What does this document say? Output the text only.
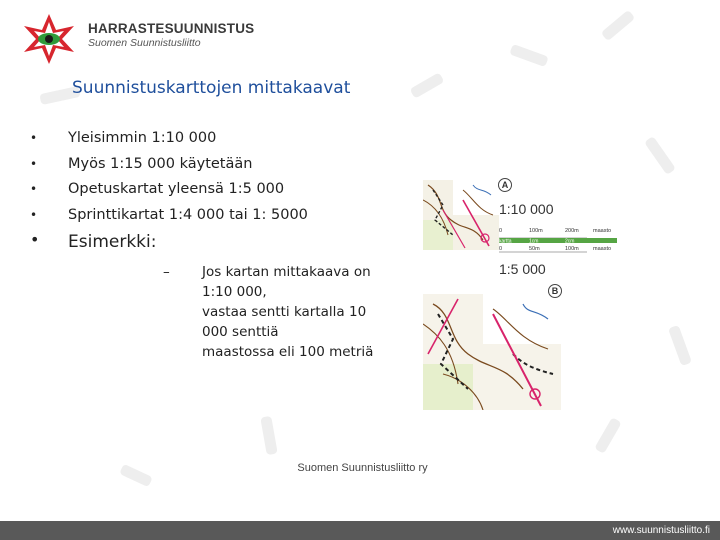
HARRASTESUUNNISTUS
Suomen Suunnistusliitto
Suunnistuskarttojen mittakaavat
• Yleisimmin 1:10 000
• Myös 1:15 000 käytetään
• Opetuskartat yleensä 1:5 000
• Sprinttikartat 1:4 000 tai 1: 5000
• Esimerkki:
– Jos kartan mittakaava on 1:10 000,
vastaa sentti kartalla 10 000 senttiä
maastossa eli 100 metriä
A
1:10 000
0	100m	200m	maasto
kartta	1cm	2cm
0	50m	100m	maasto
1:5 000
B
Suomen Suunnistusliitto ry
www.suunnistusliitto.fi
